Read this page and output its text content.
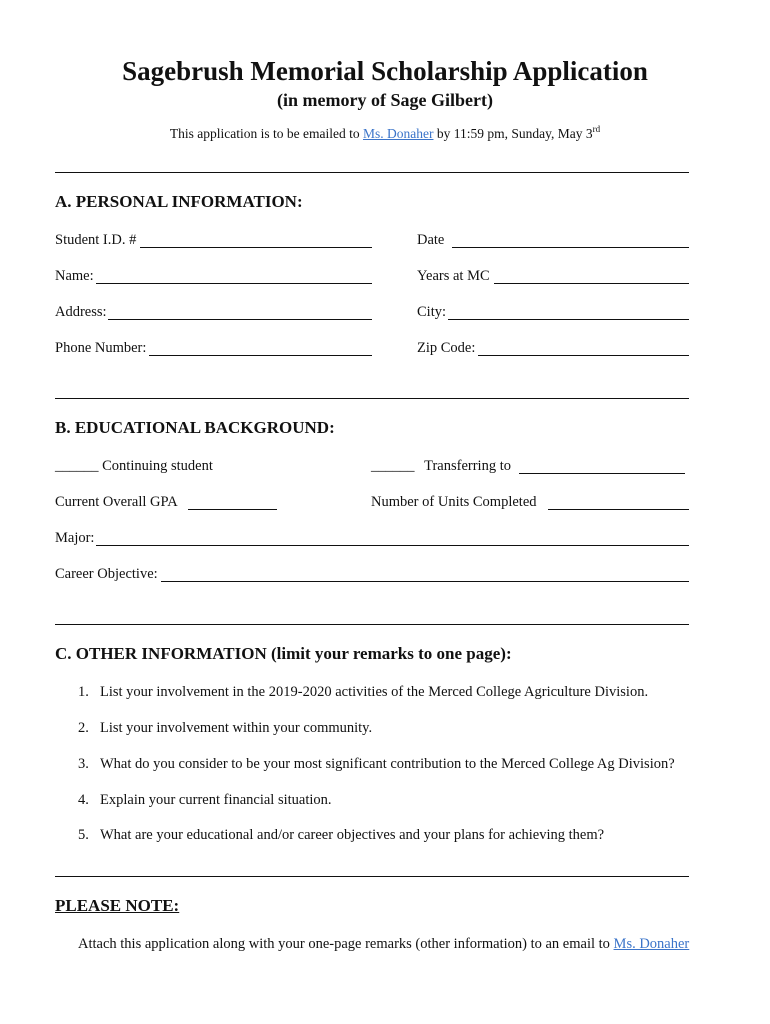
Sagebrush Memorial Scholarship Application
(in memory of Sage Gilbert)
This application is to be emailed to Ms. Donaher by 11:59 pm, Sunday, May 3rd
A. PERSONAL INFORMATION:
Student I.D. #	Date
Name:	Years at MC
Address:	City:
Phone Number:	Zip Code:
B. EDUCATIONAL BACKGROUND:
______ Continuing student	______ Transferring to
Current Overall GPA	Number of Units Completed
Major:
Career Objective:
C. OTHER INFORMATION (limit your remarks to one page):
1. List your involvement in the 2019-2020 activities of the Merced College Agriculture Division.
2. List your involvement within your community.
3. What do you consider to be your most significant contribution to the Merced College Ag Division?
4. Explain your current financial situation.
5. What are your educational and/or career objectives and your plans for achieving them?
PLEASE NOTE:
Attach this application along with your one-page remarks (other information) to an email to Ms. Donaher
